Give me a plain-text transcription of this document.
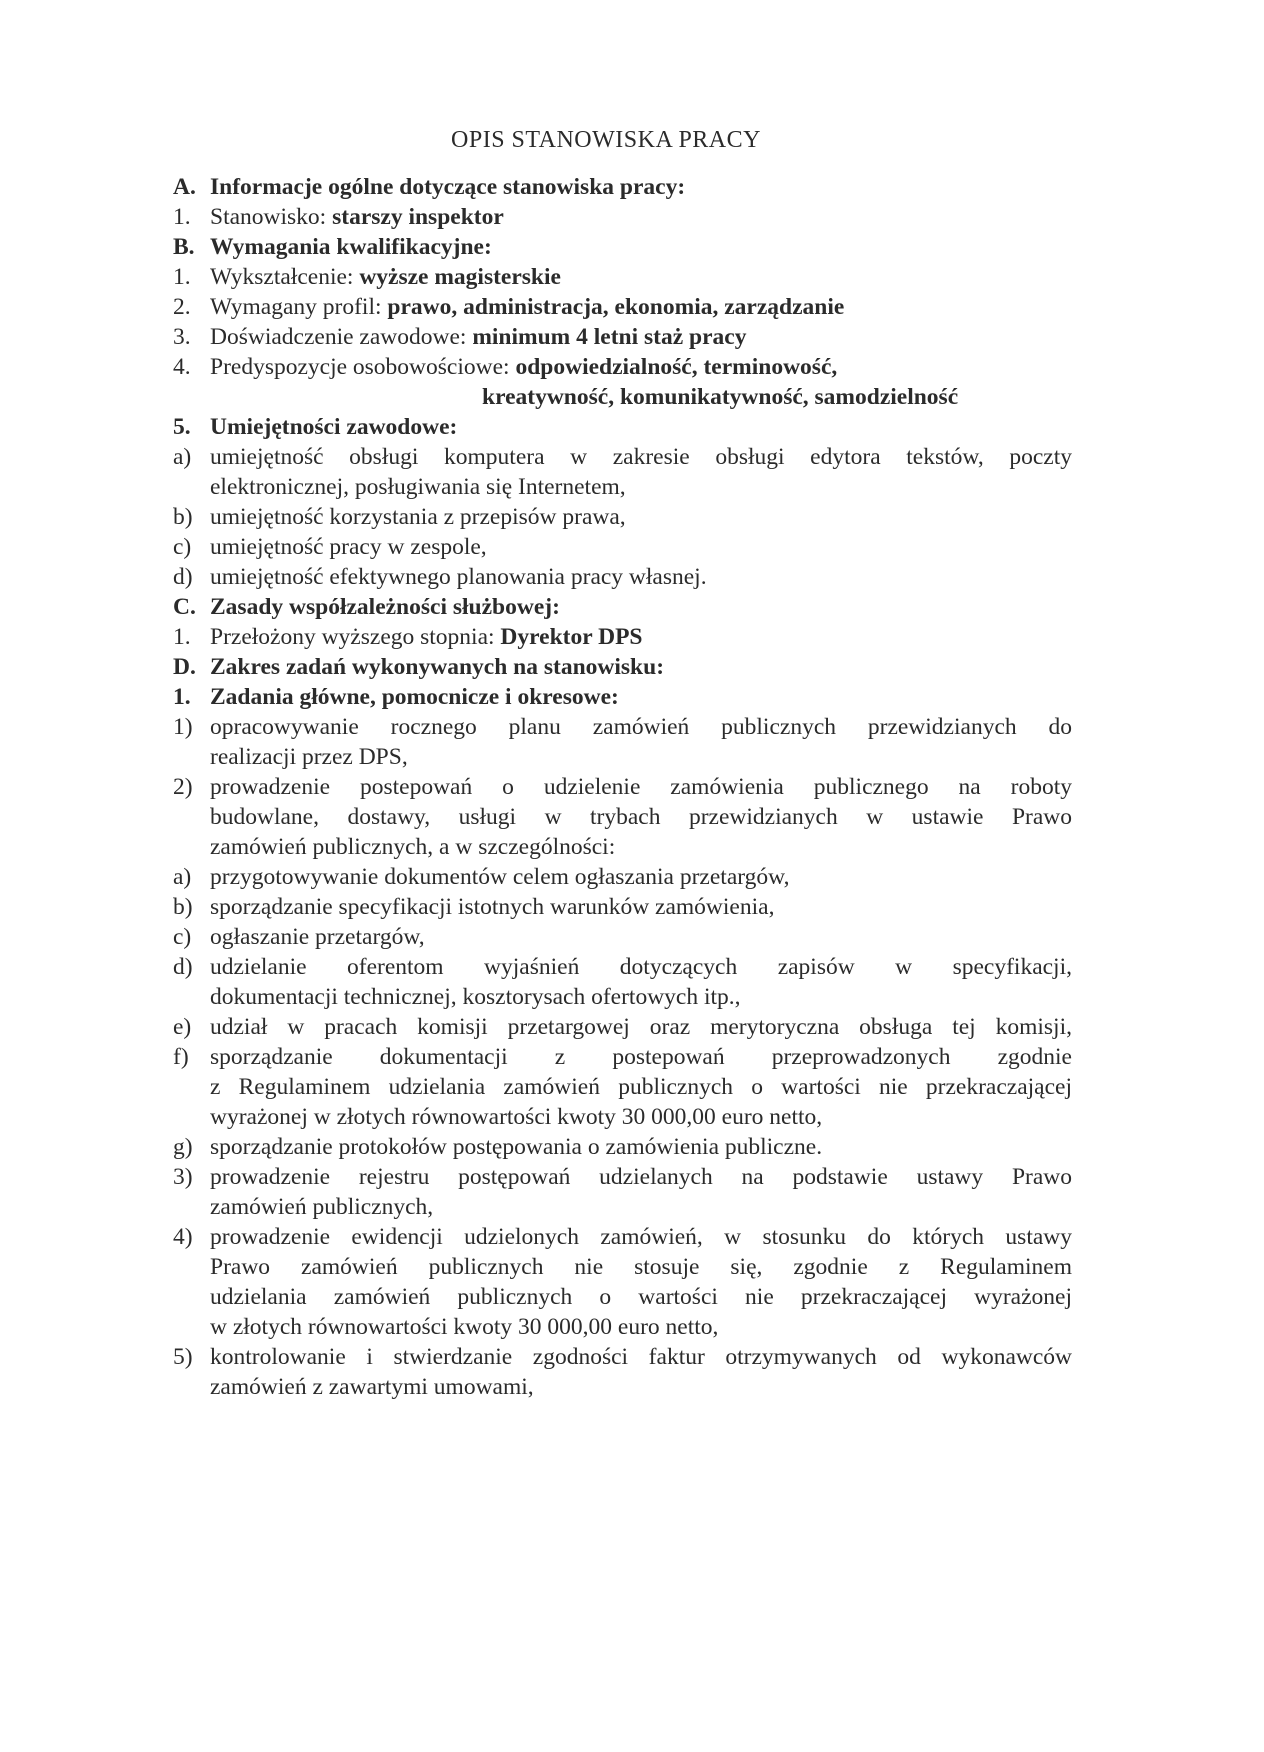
OPIS STANOWISKA PRACY
A. Informacje ogólne dotyczące stanowiska pracy:
1. Stanowisko: starszy inspektor
B. Wymagania kwalifikacyjne:
1. Wykształcenie: wyższe magisterskie
2. Wymagany profil: prawo, administracja, ekonomia, zarządzanie
3. Doświadczenie zawodowe: minimum 4 letni staż pracy
4. Predyspozycje osobowościowe: odpowiedzialność, terminowość,
kreatywność, komunikatywność, samodzielność
5. Umiejętności zawodowe:
a) umiejętność obsługi komputera w zakresie obsługi edytora tekstów, poczty
elektronicznej, posługiwania się Internetem,
b) umiejętność korzystania z przepisów prawa,
c) umiejętność pracy w zespole,
d) umiejętność efektywnego planowania pracy własnej.
C. Zasady współzależności służbowej:
1. Przełożony wyższego stopnia: Dyrektor DPS
D. Zakres zadań wykonywanych na stanowisku:
1. Zadania główne, pomocnicze i okresowe:
1) opracowywanie rocznego planu zamówień publicznych przewidzianych do
realizacji przez DPS,
2) prowadzenie postepowań o udzielenie zamówienia publicznego na roboty
budowlane, dostawy, usługi w trybach przewidzianych w ustawie Prawo
zamówień publicznych, a w szczególności:
a) przygotowywanie dokumentów celem ogłaszania przetargów,
b) sporządzanie specyfikacji istotnych warunków zamówienia,
c) ogłaszanie przetargów,
d) udzielanie oferentom wyjaśnień dotyczących zapisów w specyfikacji,
dokumentacji technicznej, kosztorysach ofertowych itp.,
e) udział w pracach komisji przetargowej oraz merytoryczna obsługa tej komisji,
f) sporządzanie dokumentacji z postepowań przeprowadzonych zgodnie
z Regulaminem udzielania zamówień publicznych o wartości nie przekraczającej
wyrażonej w złotych równowartości kwoty 30 000,00 euro netto,
g) sporządzanie protokołów postępowania o zamówienia publiczne.
3) prowadzenie rejestru postępowań udzielanych na podstawie ustawy Prawo
zamówień publicznych,
4) prowadzenie ewidencji udzielonych zamówień, w stosunku do których ustawy
Prawo zamówień publicznych nie stosuje się, zgodnie z Regulaminem
udzielania zamówień publicznych o wartości nie przekraczającej wyrażonej
w złotych równowartości kwoty 30 000,00 euro netto,
5) kontrolowanie i stwierdzanie zgodności faktur otrzymywanych od wykonawców
zamówień z zawartymi umowami,
